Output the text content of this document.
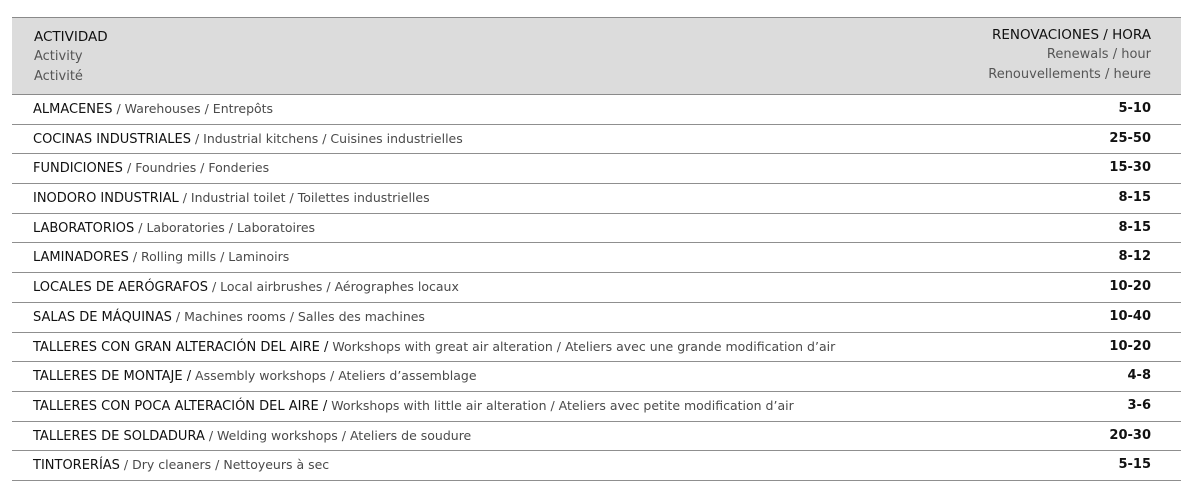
ACTIVIDAD
Activity
Activité
RENOVACIONES / HORA
Renewals / hour
Renouvellements / heure
ALMACENES / Warehouses / Entrepôts	5-10
COCINAS INDUSTRIALES / Industrial kitchens / Cuisines industrielles	25-50
FUNDICIONES / Foundries / Fonderies	15-30
INODORO INDUSTRIAL / Industrial toilet / Toilettes industrielles	8-15
LABORATORIOS / Laboratories / Laboratoires	8-15
LAMINADORES / Rolling mills / Laminoirs	8-12
LOCALES DE AERÓGRAFOS / Local airbrushes / Aérographes locaux	10-20
SALAS DE MÁQUINAS / Machines rooms / Salles des machines	10-40
TALLERES CON GRAN ALTERACIÓN DEL AIRE / Workshops with great air alteration / Ateliers avec une grande modification d’air	10-20
TALLERES DE MONTAJE / Assembly workshops / Ateliers d’assemblage	4-8
TALLERES CON POCA ALTERACIÓN DEL AIRE / Workshops with little air alteration / Ateliers avec petite modification d’air	3-6
TALLERES DE SOLDADURA / Welding workshops / Ateliers de soudure	20-30
TINTORERÍAS / Dry cleaners / Nettoyeurs à sec	5-15
